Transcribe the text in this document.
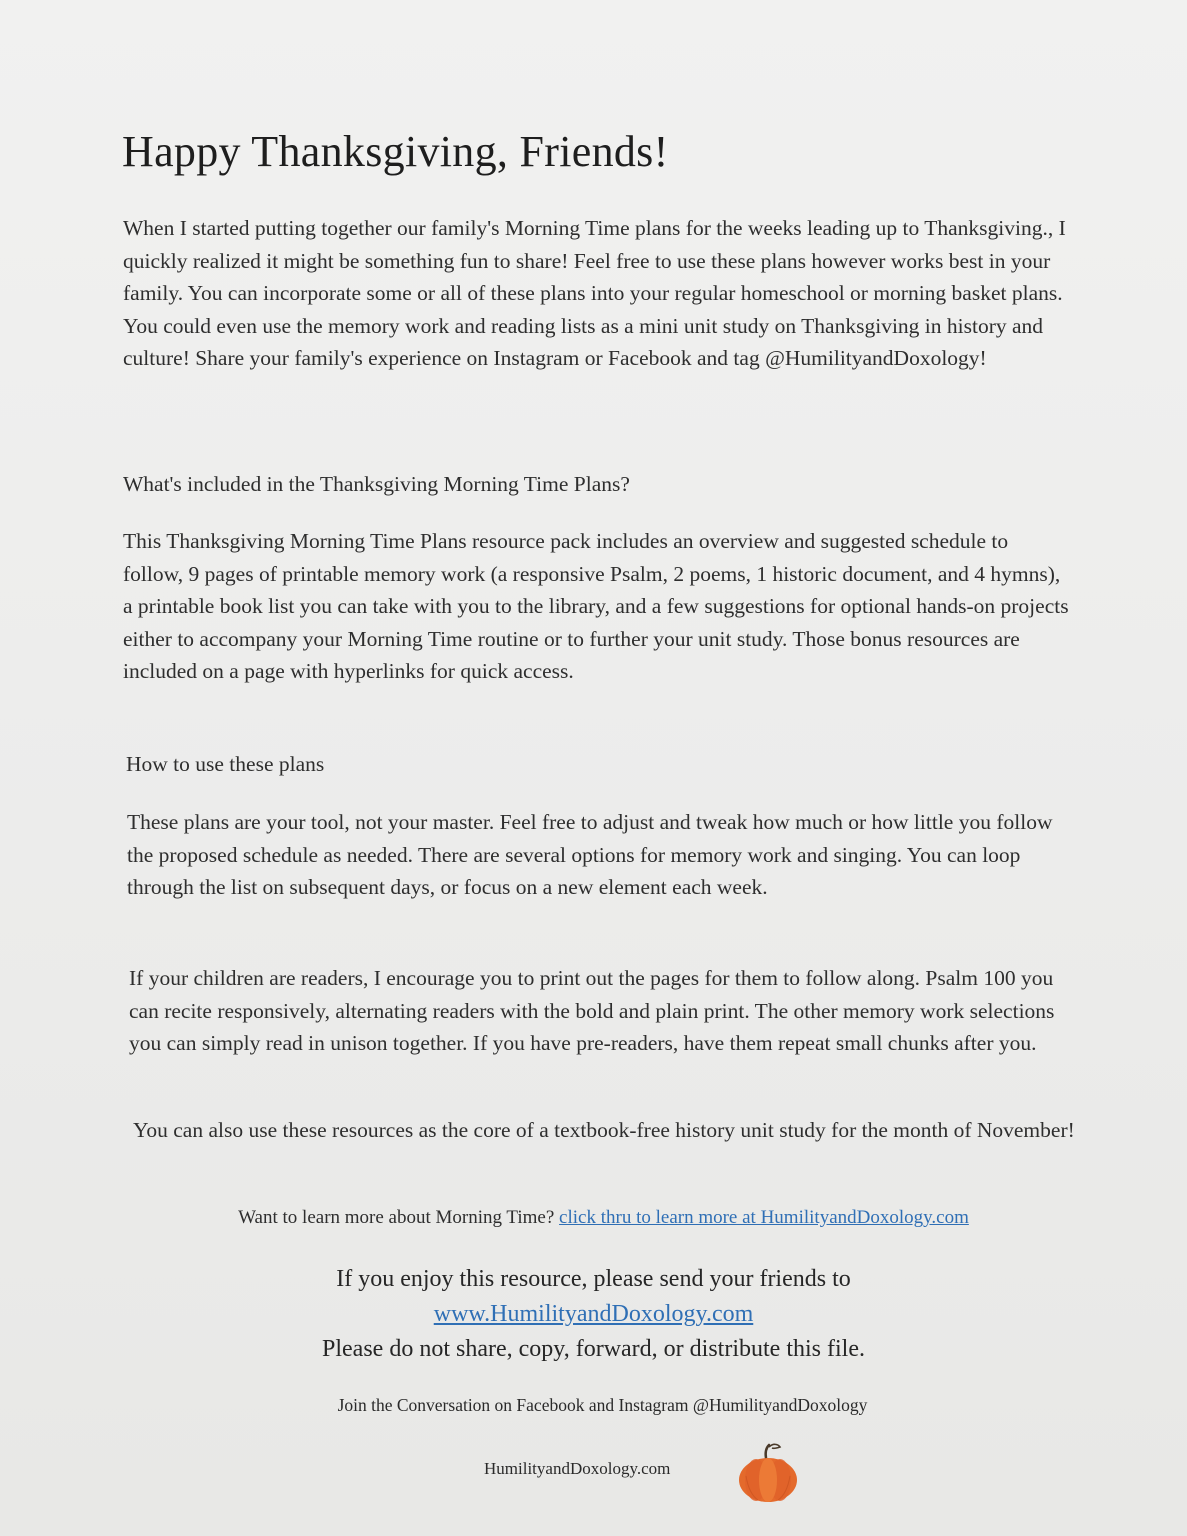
Happy Thanksgiving, Friends!

When I started putting together our family's Morning Time plans for the weeks leading up to Thanksgiving., I quickly realized it might be something fun to share! Feel free to use these plans however works best in your family. You can incorporate some or all of these plans into your regular homeschool or morning basket plans. You could even use the memory work and reading lists as a mini unit study on Thanksgiving in history and culture! Share your family's experience on Instagram or Facebook and tag @HumilityandDoxology!

What's included in the Thanksgiving Morning Time Plans?

This Thanksgiving Morning Time Plans resource pack includes an overview and suggested schedule to follow, 9 pages of printable memory work (a responsive Psalm, 2 poems, 1 historic document, and 4 hymns), a printable book list you can take with you to the library, and a few suggestions for optional hands-on projects either to accompany your Morning Time routine or to further your unit study. Those bonus resources are included on a page with hyperlinks for quick access.

How to use these plans

These plans are your tool, not your master. Feel free to adjust and tweak how much or how little you follow the proposed schedule as needed. There are several options for memory work and singing. You can loop through the list on subsequent days, or focus on a new element each week.

If your children are readers, I encourage you to print out the pages for them to follow along. Psalm 100 you can recite responsively, alternating readers with the bold and plain print. The other memory work selections you can simply read in unison together. If you have pre-readers, have them repeat small chunks after you.

You can also use these resources as the core of a textbook-free history unit study for the month of November!

Want to learn more about Morning Time? click thru to learn more at HumilityandDoxology.com

If you enjoy this resource, please send your friends to
www.HumilityandDoxology.com
Please do not share, copy, forward, or distribute this file.

Join the Conversation on Facebook and Instagram @HumilityandDoxology

HumilityandDoxology.com
